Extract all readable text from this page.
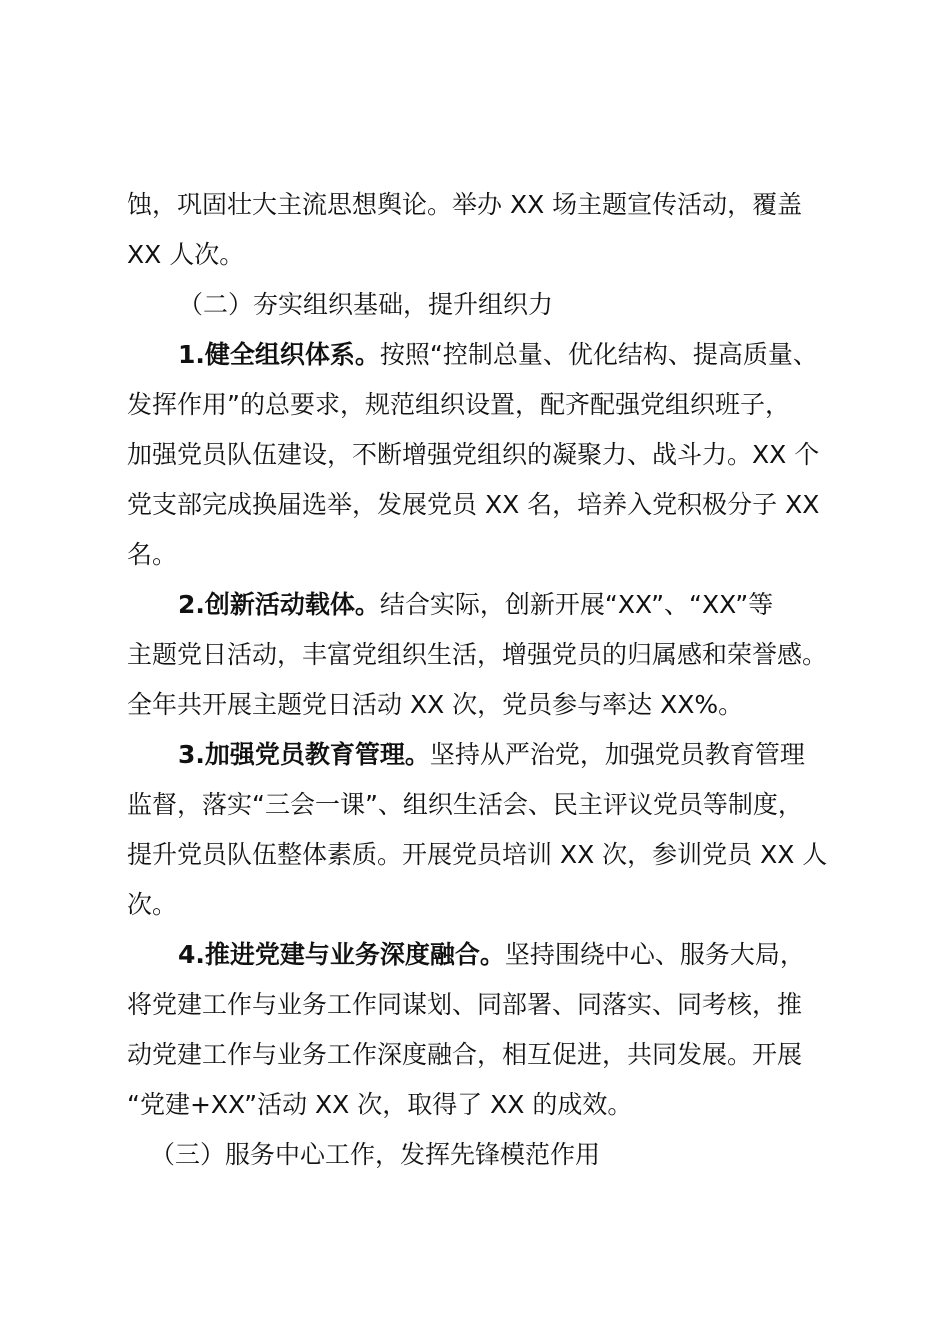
蚀，巩固壮大主流思想舆论。举办 XX 场主题宣传活动，覆盖
XX 人次。
（二）夯实组织基础，提升组织力
1.健全组织体系。按照“控制总量、优化结构、提高质量、
发挥作用”的总要求，规范组织设置，配齐配强党组织班子，
加强党员队伍建设，不断增强党组织的凝聚力、战斗力。XX 个
党支部完成换届选举，发展党员 XX 名，培养入党积极分子 XX
名。
2.创新活动载体。结合实际，创新开展“XX”、“XX”等
主题党日活动，丰富党组织生活，增强党员的归属感和荣誉感。
全年共开展主题党日活动 XX 次，党员参与率达 XX%。
3.加强党员教育管理。坚持从严治党，加强党员教育管理
监督，落实“三会一课”、组织生活会、民主评议党员等制度，
提升党员队伍整体素质。开展党员培训 XX 次，参训党员 XX 人
次。
4.推进党建与业务深度融合。坚持围绕中心、服务大局，
将党建工作与业务工作同谋划、同部署、同落实、同考核，推
动党建工作与业务工作深度融合，相互促进，共同发展。开展
“党建+XX”活动 XX 次，取得了 XX 的成效。
（三）服务中心工作，发挥先锋模范作用
